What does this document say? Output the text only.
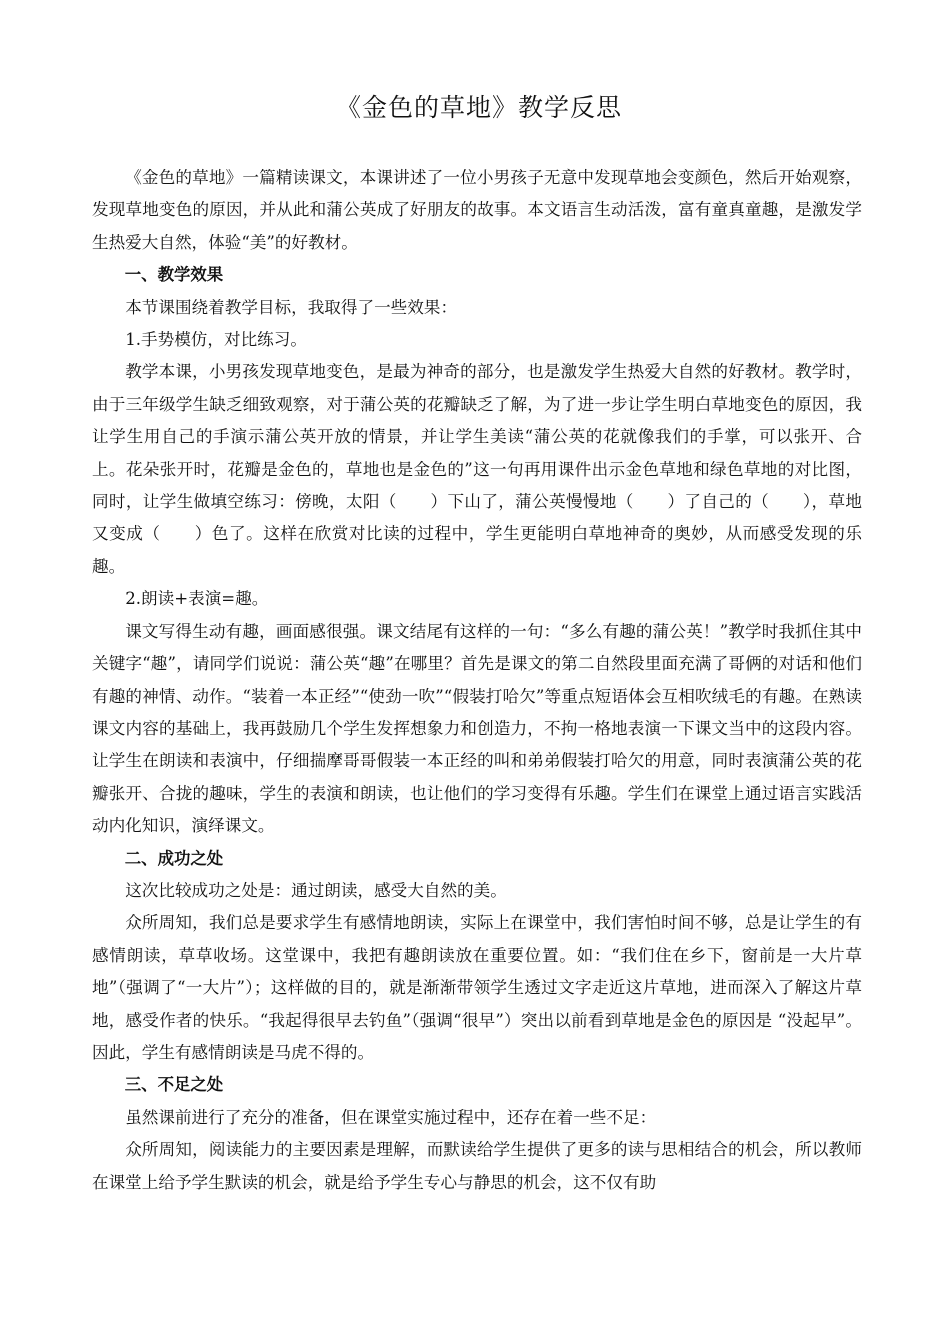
《金色的草地》教学反思

《金色的草地》一篇精读课文，本课讲述了一位小男孩子无意中发现草地会变颜色，然后开始观察，发现草地变色的原因，并从此和蒲公英成了好朋友的故事。本文语言生动活泼，富有童真童趣，是激发学生热爱大自然，体验“美”的好教材。

一、教学效果

本节课围绕着教学目标，我取得了一些效果：

1.手势模仿，对比练习。

教学本课，小男孩发现草地变色，是最为神奇的部分，也是激发学生热爱大自然的好教材。教学时，由于三年级学生缺乏细致观察，对于蒲公英的花瓣缺乏了解，为了进一步让学生明白草地变色的原因，我让学生用自己的手演示蒲公英开放的情景，并让学生美读“蒲公英的花就像我们的手掌，可以张开、合上。花朵张开时，花瓣是金色的，草地也是金色的”这一句再用课件出示金色草地和绿色草地的对比图，同时，让学生做填空练习：傍晚，太阳（　　）下山了，蒲公英慢慢地（　　）了自己的（　　），草地又变成（　　）色了。这样在欣赏对比读的过程中，学生更能明白草地神奇的奥妙，从而感受发现的乐趣。

2.朗读+表演=趣。

课文写得生动有趣，画面感很强。课文结尾有这样的一句：“多么有趣的蒲公英！”教学时我抓住其中关键字“趣”，请同学们说说：蒲公英“趣”在哪里？首先是课文的第二自然段里面充满了哥俩的对话和他们有趣的神情、动作。“装着一本正经”“使劲一吹”“假装打哈欠”等重点短语体会互相吹绒毛的有趣。在熟读课文内容的基础上，我再鼓励几个学生发挥想象力和创造力，不拘一格地表演一下课文当中的这段内容。让学生在朗读和表演中，仔细揣摩哥哥假装一本正经的叫和弟弟假装打哈欠的用意，同时表演蒲公英的花瓣张开、合拢的趣味，学生的表演和朗读，也让他们的学习变得有乐趣。学生们在课堂上通过语言实践活动内化知识，演绎课文。

二、成功之处

这次比较成功之处是：通过朗读，感受大自然的美。

众所周知，我们总是要求学生有感情地朗读，实际上在课堂中，我们害怕时间不够，总是让学生的有感情朗读，草草收场。这堂课中，我把有趣朗读放在重要位置。如：“我们住在乡下，窗前是一大片草地”（强调了“一大片”）；这样做的目的，就是渐渐带领学生透过文字走近这片草地，进而深入了解这片草地，感受作者的快乐。“我起得很早去钓鱼”（强调“很早”）突出以前看到草地是金色的原因是 “没起早”。因此，学生有感情朗读是马虎不得的。

三、不足之处

虽然课前进行了充分的准备，但在课堂实施过程中，还存在着一些不足：

众所周知，阅读能力的主要因素是理解，而默读给学生提供了更多的读与思相结合的机会，所以教师在课堂上给予学生默读的机会，就是给予学生专心与静思的机会，这不仅有助
